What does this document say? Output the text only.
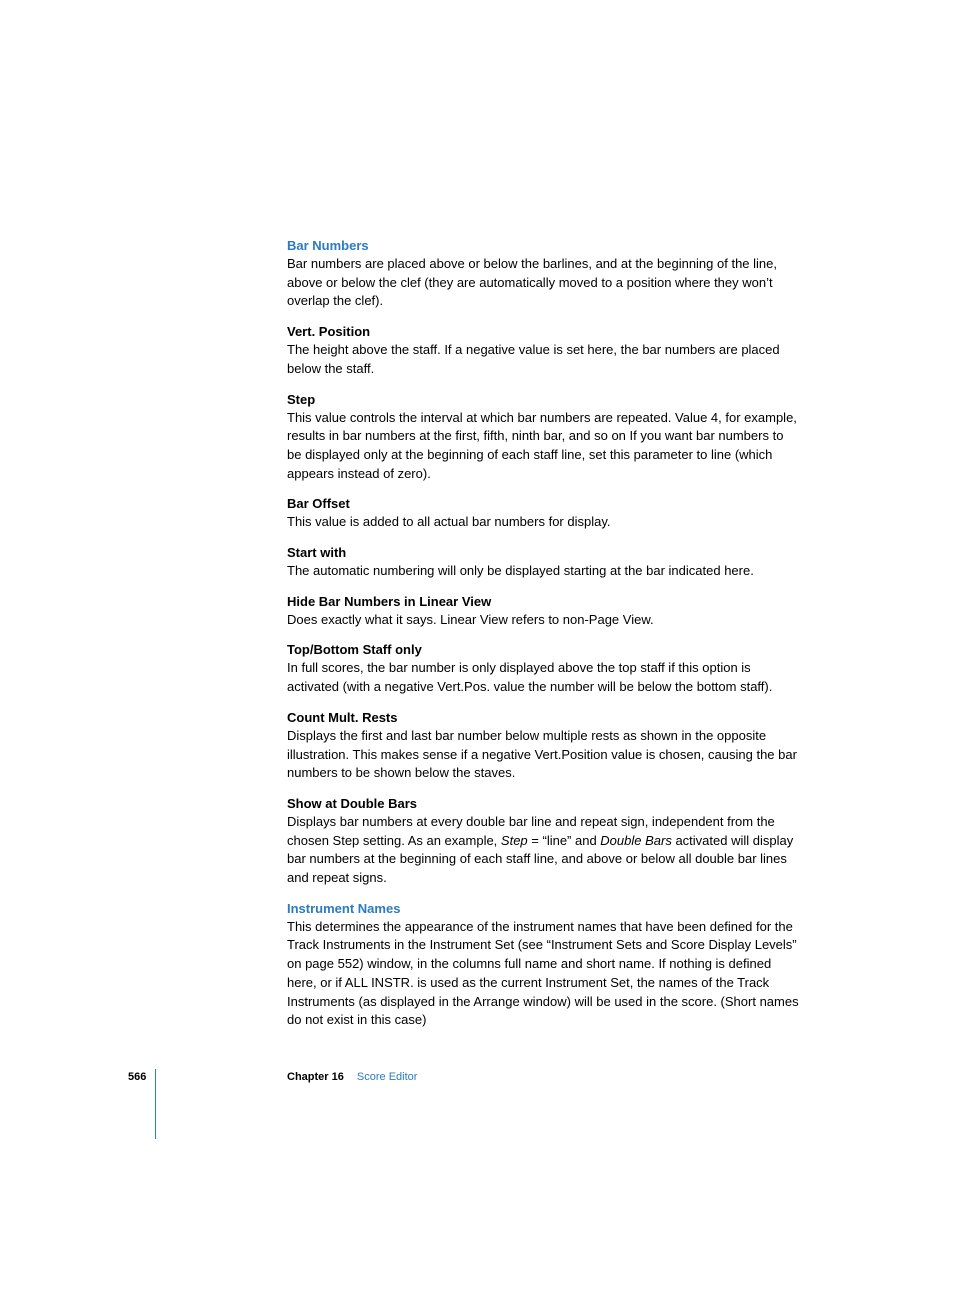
Bar Numbers

Bar numbers are placed above or below the barlines, and at the beginning of the line, above or below the clef (they are automatically moved to a position where they won’t overlap the clef).

Vert. Position

The height above the staff. If a negative value is set here, the bar numbers are placed below the staff.

Step

This value controls the interval at which bar numbers are repeated. Value 4, for example, results in bar numbers at the first, fifth, ninth bar, and so on If you want bar numbers to be displayed only at the beginning of each staff line, set this parameter to line (which appears instead of zero).

Bar Offset

This value is added to all actual bar numbers for display.

Start with

The automatic numbering will only be displayed starting at the bar indicated here.

Hide Bar Numbers in Linear View

Does exactly what it says. Linear View refers to non-Page View.

Top/Bottom Staff only

In full scores, the bar number is only displayed above the top staff if this option is activated (with a negative Vert.Pos. value the number will be below the bottom staff).

Count Mult. Rests

Displays the first and last bar number below multiple rests as shown in the opposite illustration. This makes sense if a negative Vert.Position value is chosen, causing the bar numbers to be shown below the staves.

Show at Double Bars

Displays bar numbers at every double bar line and repeat sign, independent from the chosen Step setting. As an example, Step = “line” and Double Bars activated will display bar numbers at the beginning of each staff line, and above or below all double bar lines and repeat signs.

Instrument Names

This determines the appearance of the instrument names that have been defined for the Track Instruments in the Instrument Set (see “Instrument Sets and Score Display Levels” on page 552) window, in the columns full name and short name. If nothing is defined here, or if ALL INSTR. is used as the current Instrument Set, the names of the Track Instruments (as displayed in the Arrange window) will be used in the score. (Short names do not exist in this case)

566	Chapter 16 Score Editor
